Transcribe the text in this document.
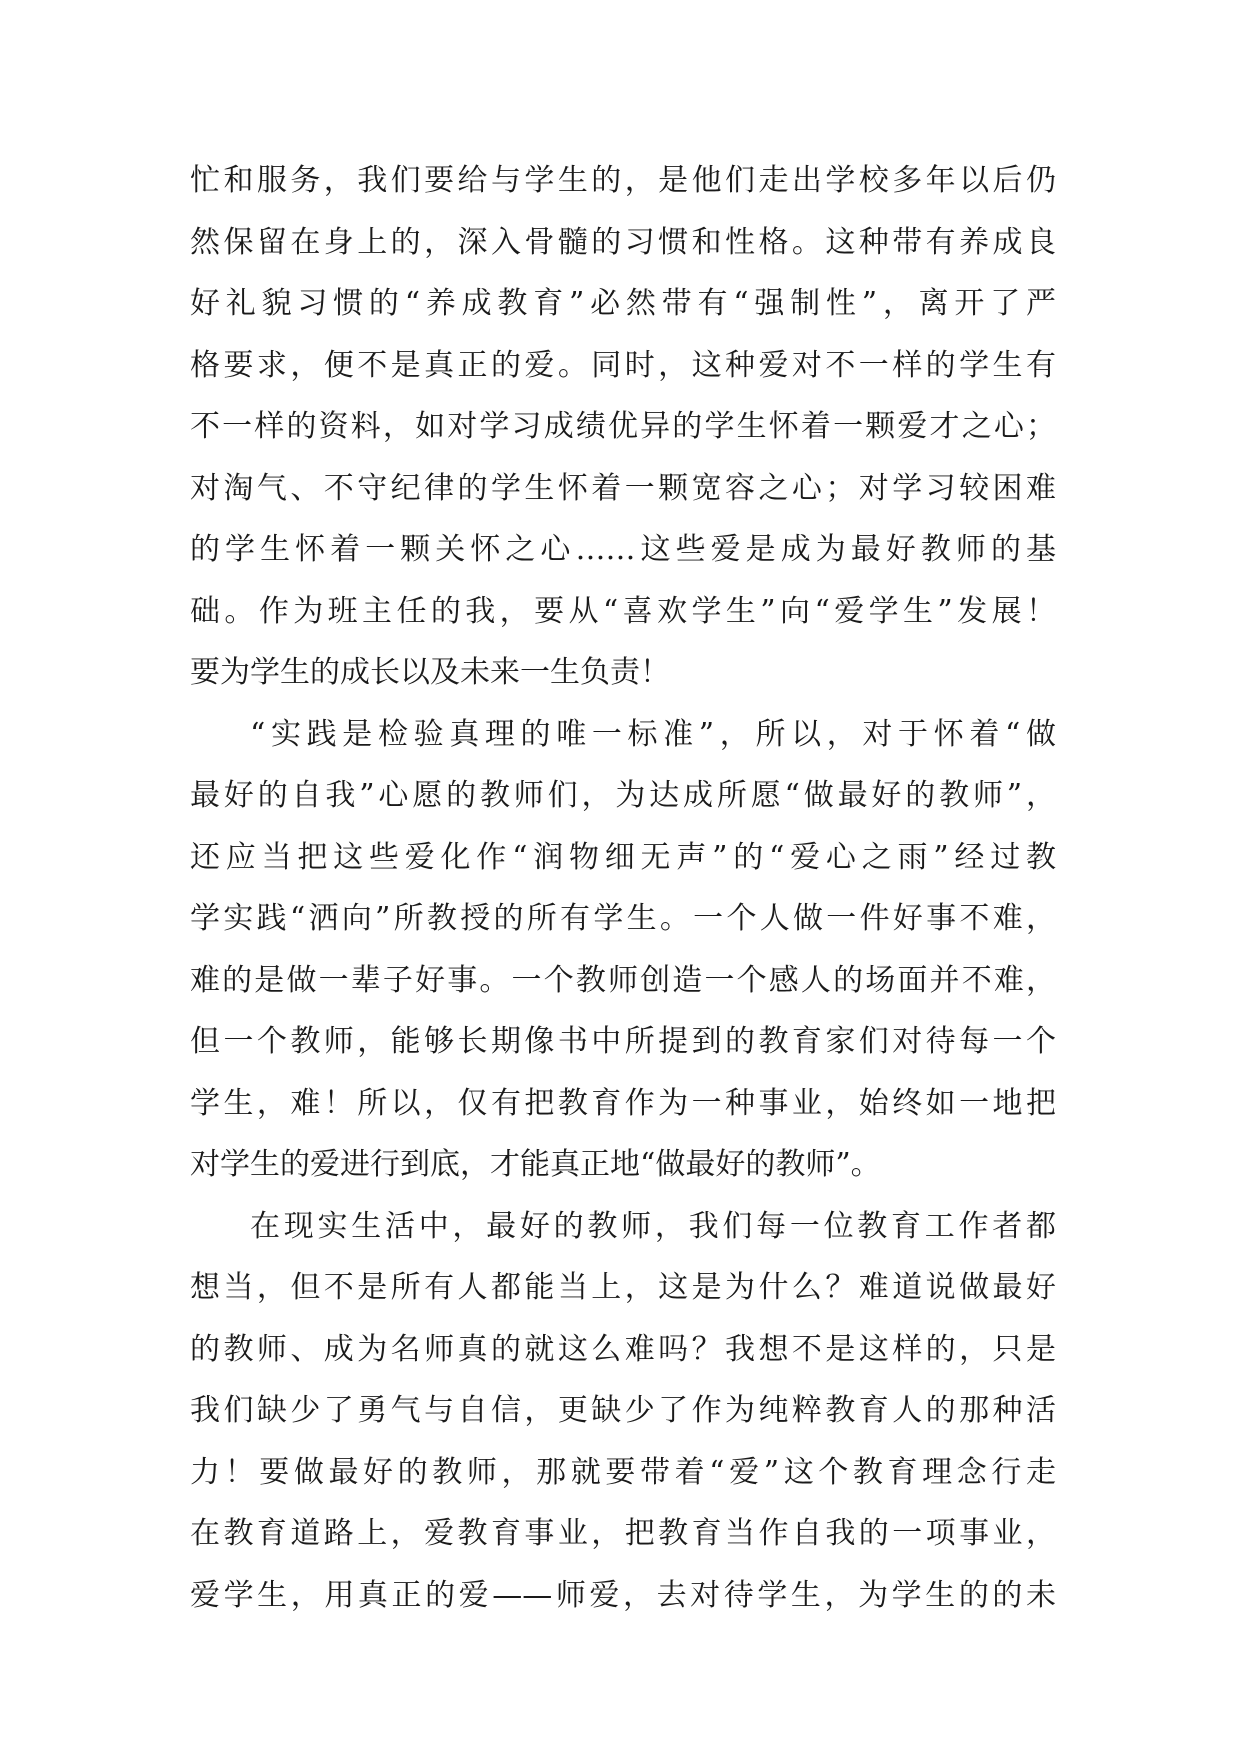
忙和服务，我们要给与学生的，是他们走出学校多年以后仍
然保留在身上的，深入骨髓的习惯和性格。这种带有养成良
好礼貌习惯的“养成教育”必然带有“强制性”，离开了严
格要求，便不是真正的爱。同时，这种爱对不一样的学生有
不一样的资料，如对学习成绩优异的学生怀着一颗爱才之心；
对淘气、不守纪律的学生怀着一颗宽容之心；对学习较困难
的学生怀着一颗关怀之心……这些爱是成为最好教师的基
础。作为班主任的我，要从“喜欢学生”向“爱学生”发展！
要为学生的成长以及未来一生负责！
“实践是检验真理的唯一标准”，所以，对于怀着“做
最好的自我”心愿的教师们，为达成所愿“做最好的教师”，
还应当把这些爱化作“润物细无声”的“爱心之雨”经过教
学实践“洒向”所教授的所有学生。一个人做一件好事不难，
难的是做一辈子好事。一个教师创造一个感人的场面并不难，
但一个教师，能够长期像书中所提到的教育家们对待每一个
学生，难！所以，仅有把教育作为一种事业，始终如一地把
对学生的爱进行到底，才能真正地“做最好的教师”。
在现实生活中，最好的教师，我们每一位教育工作者都
想当，但不是所有人都能当上，这是为什么？难道说做最好
的教师、成为名师真的就这么难吗？我想不是这样的，只是
我们缺少了勇气与自信，更缺少了作为纯粹教育人的那种活
力！要做最好的教师，那就要带着“爱”这个教育理念行走
在教育道路上，爱教育事业，把教育当作自我的一项事业，
爱学生，用真正的爱——师爱，去对待学生，为学生的的未
